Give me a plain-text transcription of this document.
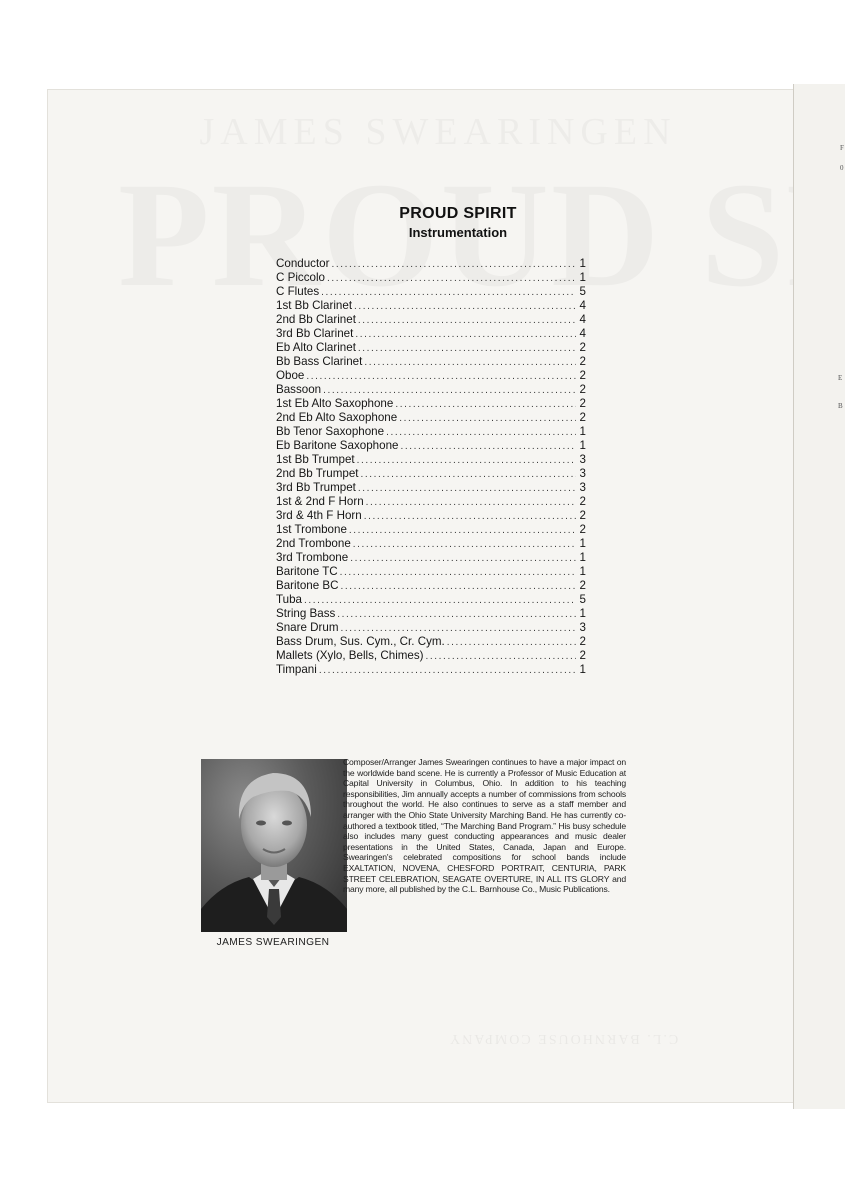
C.L. BARNHOUSE COMPANY
PROUD SPIRIT
Instrumentation
Conductor .....	1
C Piccolo .....	1
C Flutes .....	5
1st Bb Clarinet .....	4
2nd Bb Clarinet .....	4
3rd Bb Clarinet .....	4
Eb Alto Clarinet .....	2
Bb Bass Clarinet .....	2
Oboe .....	2
Bassoon .....	2
1st Eb Alto Saxophone .....	2
2nd Eb Alto Saxophone .....	2
Bb Tenor Saxophone .....	1
Eb Baritone Saxophone .....	1
1st Bb Trumpet .....	3
2nd Bb Trumpet .....	3
3rd Bb Trumpet .....	3
1st & 2nd F Horn .....	2
3rd & 4th F Horn .....	2
1st Trombone .....	2
2nd Trombone .....	1
3rd Trombone .....	1
Baritone TC .....	1
Baritone BC .....	2
Tuba .....	5
String Bass .....	1
Snare Drum .....	3
Bass Drum, Sus. Cym., Cr. Cym. .....	2
Mallets (Xylo, Bells, Chimes) .....	2
Timpani .....	1
JAMES SWEARINGEN

Composer/Arranger James Swearingen continues to have a major impact on the worldwide band scene. He is currently a Professor of Music Education at Capital University in Columbus, Ohio. In addition to his teaching responsibilities, Jim annually accepts a number of commissions from schools throughout the world. He also continues to serve as a staff member and arranger with the Ohio State University Marching Band. He has currently co-authored a textbook titled, “The Marching Band Program.” His busy schedule also includes many guest conducting appearances and music dealer presentations in the United States, Canada, Japan and Europe. Swearingen's celebrated compositions for school bands include EXALTATION, NOVENA, CHESFORD PORTRAIT, CENTURIA, PARK STREET CELEBRATION, SEAGATE OVERTURE, IN ALL ITS GLORY and many more, all published by the C.L. Barnhouse Co., Music Publications.

F
0
E
B
